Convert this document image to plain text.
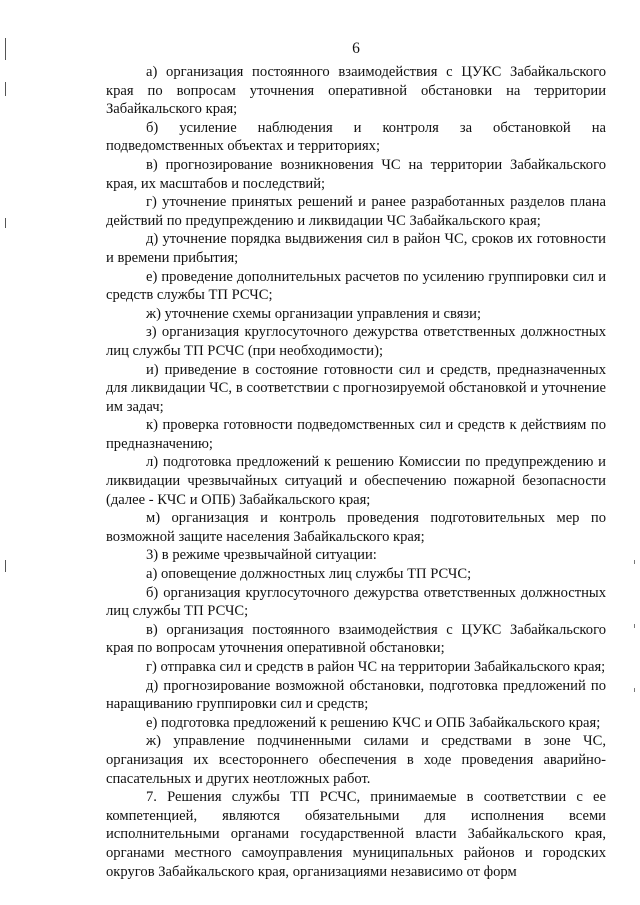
6

а) организация постоянного взаимодействия с ЦУКС Забайкальского края по вопросам уточнения оперативной обстановки на территории Забайкальского края;

б) усиление наблюдения и контроля за обстановкой на подведомственных объектах и территориях;

в) прогнозирование возникновения ЧС на территории Забайкальского края, их масштабов и последствий;

г) уточнение принятых решений и ранее разработанных разделов плана действий по предупреждению и ликвидации ЧС Забайкальского края;

д) уточнение порядка выдвижения сил в район ЧС, сроков их готовности и времени прибытия;

е) проведение дополнительных расчетов по усилению группировки сил и средств службы ТП РСЧС;

ж) уточнение схемы организации управления и связи;

з) организация круглосуточного дежурства ответственных должностных лиц службы ТП РСЧС (при необходимости);

и) приведение в состояние готовности сил и средств, предназначенных для ликвидации ЧС, в соответствии с прогнозируемой обстановкой и уточнение им задач;

к) проверка готовности подведомственных сил и средств к действиям по предназначению;

л) подготовка предложений к решению Комиссии по предупреждению и ликвидации чрезвычайных ситуаций и обеспечению пожарной безопасности (далее - КЧС и ОПБ) Забайкальского края;

м) организация и контроль проведения подготовительных мер по возможной защите населения Забайкальского края;

3) в режиме чрезвычайной ситуации:

а) оповещение должностных лиц службы ТП РСЧС;

б) организация круглосуточного дежурства ответственных должностных лиц службы ТП РСЧС;

в) организация постоянного взаимодействия с ЦУКС Забайкальского края по вопросам уточнения оперативной обстановки;

г) отправка сил и средств в район ЧС на территории Забайкальского края;

д) прогнозирование возможной обстановки, подготовка предложений по наращиванию группировки сил и средств;

е) подготовка предложений к решению КЧС и ОПБ Забайкальского края;

ж) управление подчиненными силами и средствами в зоне ЧС, организация их всестороннего обеспечения в ходе проведения аварийно-спасательных и других неотложных работ.

7. Решения службы ТП РСЧС, принимаемые в соответствии с ее компетенцией, являются обязательными для исполнения всеми исполнительными органами государственной власти Забайкальского края, органами местного самоуправления муниципальных районов и городских округов Забайкальского края, организациями независимо от форм
